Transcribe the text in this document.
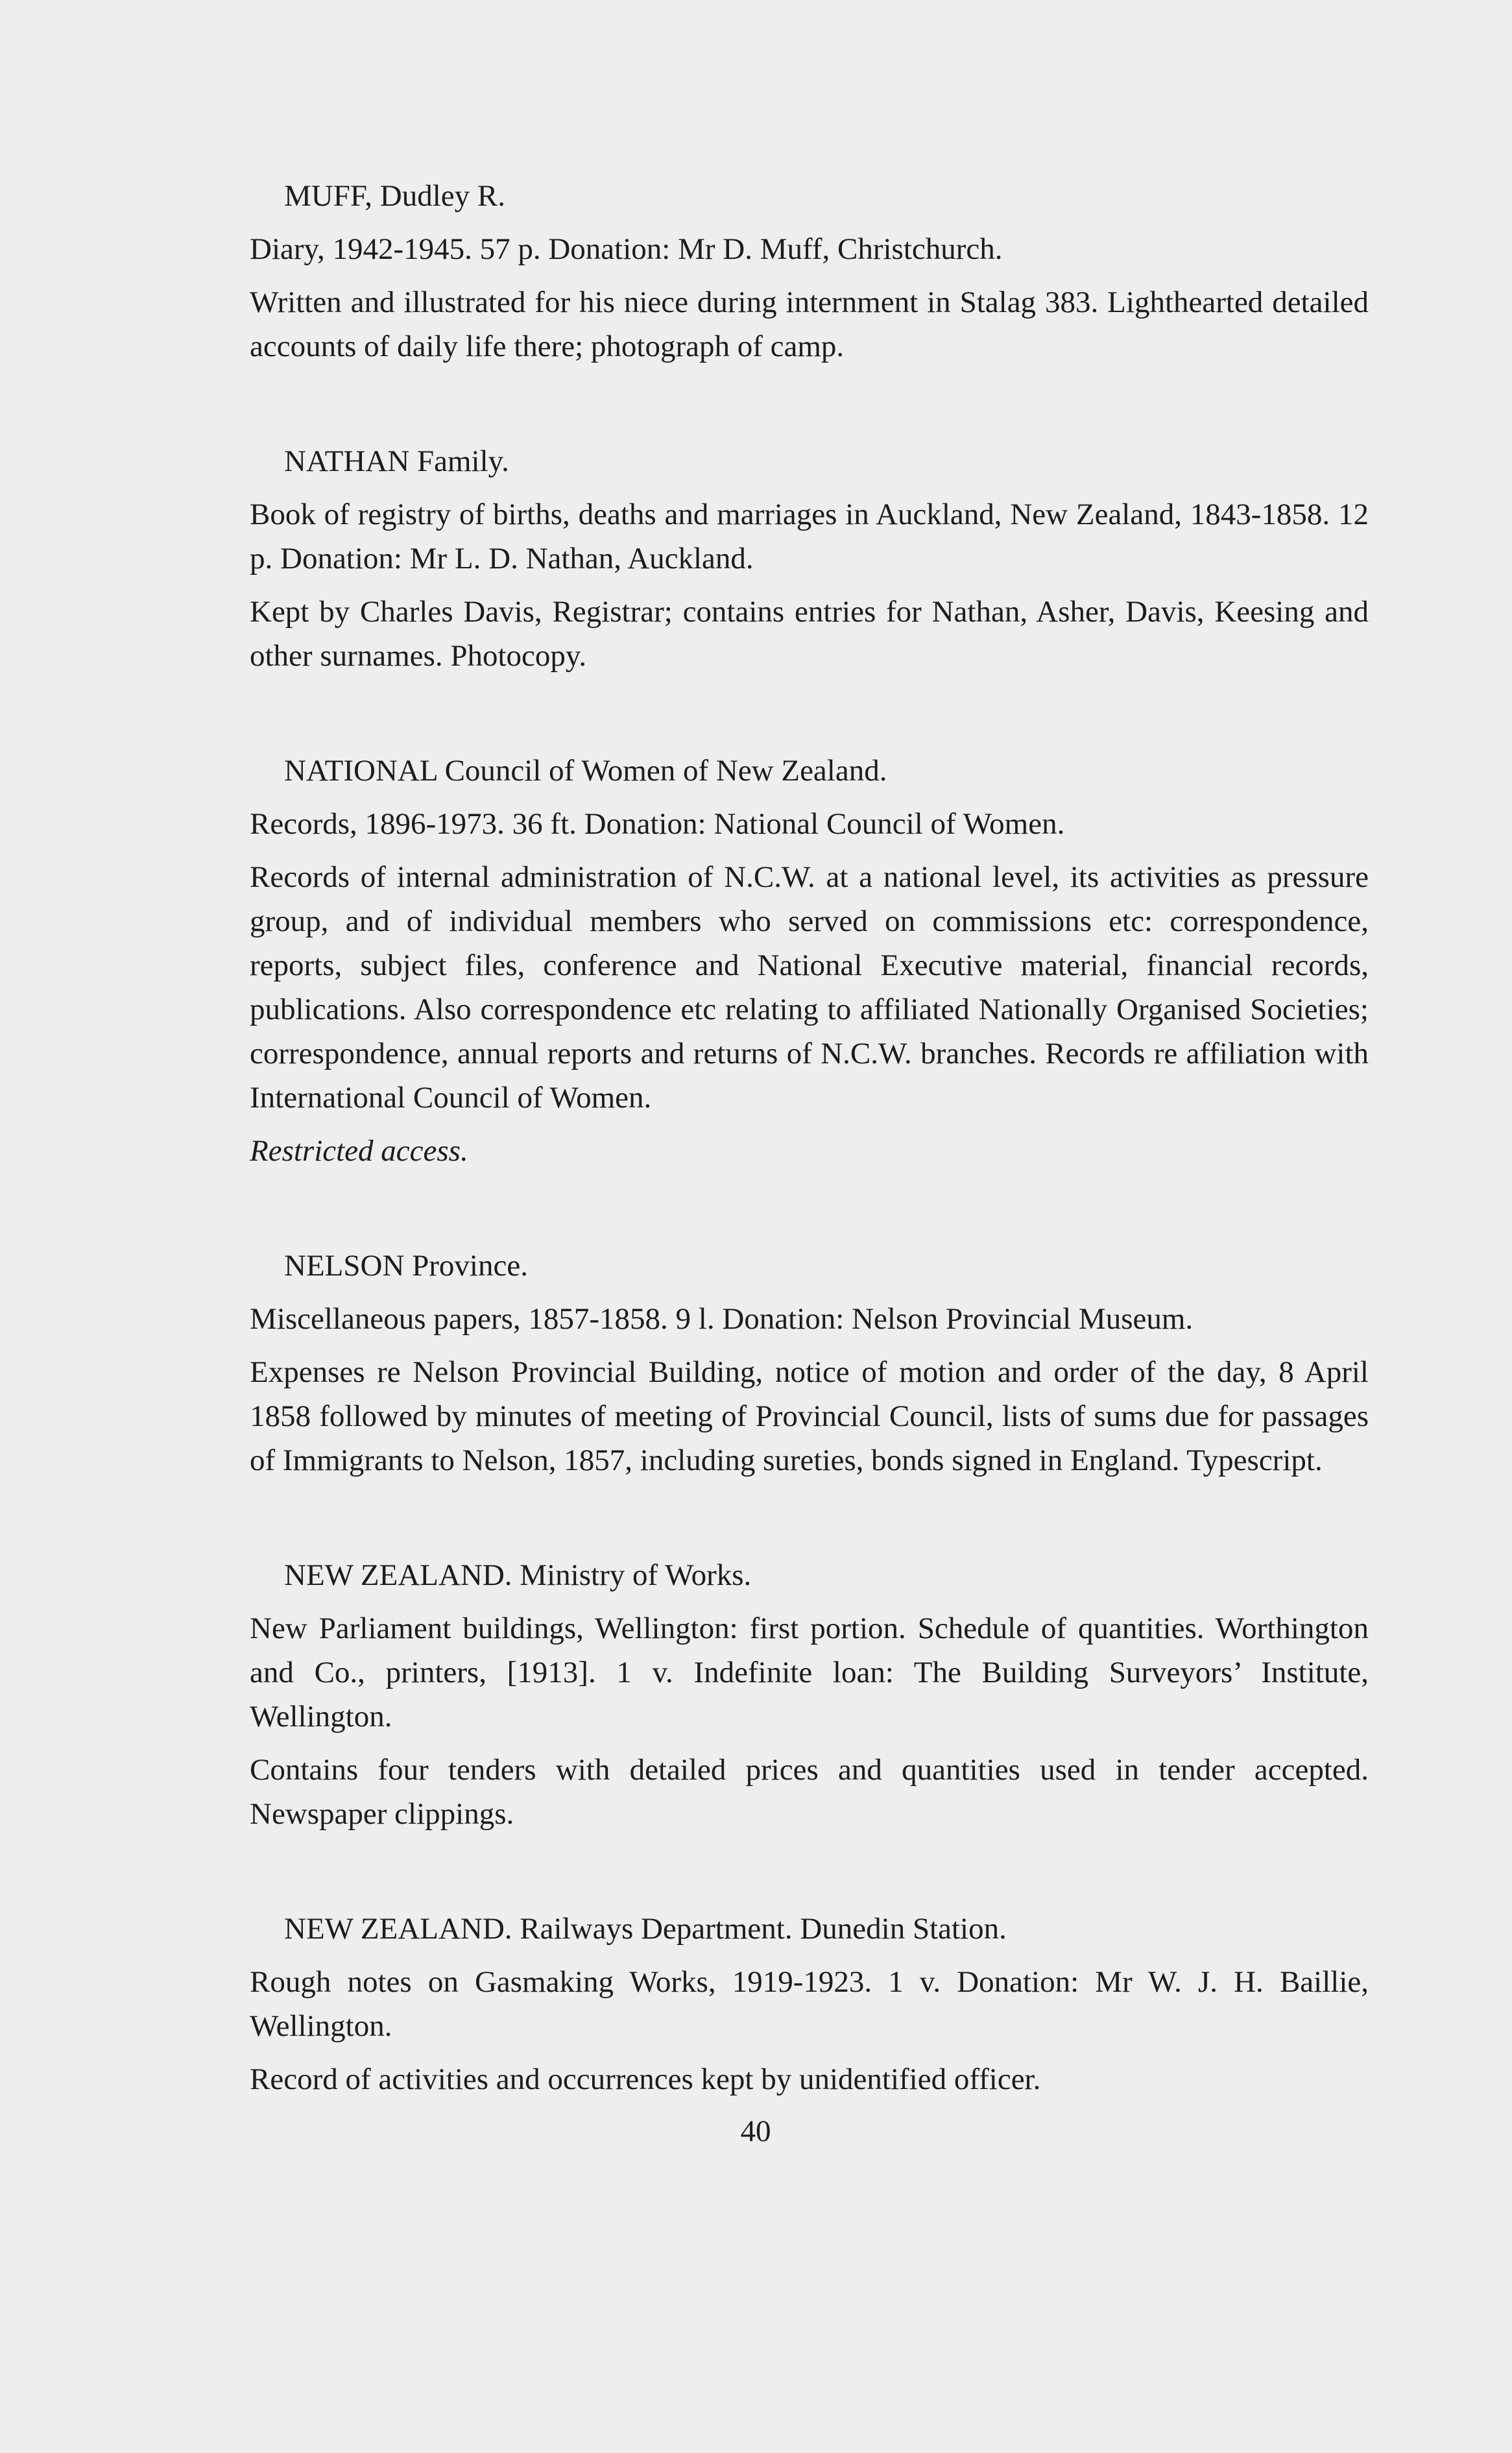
MUFF, Dudley R.

Diary, 1942-1945. 57 p. Donation: Mr D. Muff, Christchurch.

Written and illustrated for his niece during internment in Stalag 383. Lighthearted detailed accounts of daily life there; photograph of camp.

NATHAN Family.

Book of registry of births, deaths and marriages in Auckland, New Zealand, 1843-1858. 12 p. Donation: Mr L. D. Nathan, Auckland.

Kept by Charles Davis, Registrar; contains entries for Nathan, Asher, Davis, Keesing and other surnames. Photocopy.

NATIONAL Council of Women of New Zealand.

Records, 1896-1973. 36 ft. Donation: National Council of Women.

Records of internal administration of N.C.W. at a national level, its activities as pressure group, and of individual members who served on commissions etc: correspondence, reports, subject files, conference and National Executive material, financial records, publications. Also correspondence etc relating to affiliated Nationally Organised Societies; correspondence, annual reports and returns of N.C.W. branches. Records re affiliation with International Council of Women.

Restricted access.

NELSON Province.

Miscellaneous papers, 1857-1858. 9 l. Donation: Nelson Provincial Museum.

Expenses re Nelson Provincial Building, notice of motion and order of the day, 8 April 1858 followed by minutes of meeting of Provincial Council, lists of sums due for passages of Immigrants to Nelson, 1857, including sureties, bonds signed in England. Typescript.

NEW ZEALAND. Ministry of Works.

New Parliament buildings, Wellington: first portion. Schedule of quantities. Worthington and Co., printers, [1913]. 1 v. Indefinite loan: The Building Surveyors’ Institute, Wellington.

Contains four tenders with detailed prices and quantities used in tender accepted. Newspaper clippings.

NEW ZEALAND. Railways Department. Dunedin Station.

Rough notes on Gasmaking Works, 1919-1923. 1 v. Donation: Mr W. J. H. Baillie, Wellington.

Record of activities and occurrences kept by unidentified officer.

40
